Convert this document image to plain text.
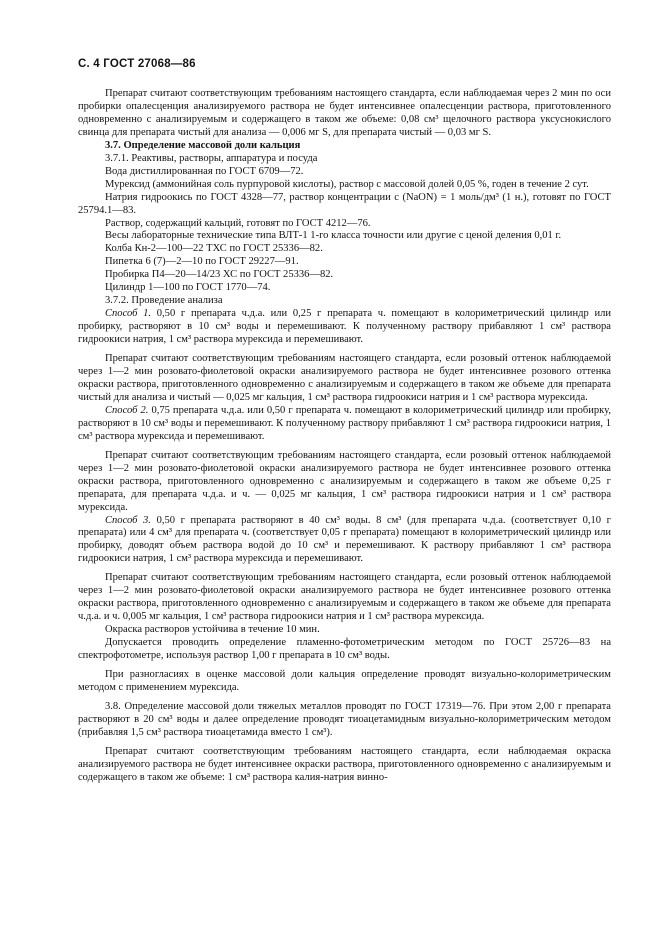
С. 4 ГОСТ 27068—86

Препарат считают соответствующим требованиям настоящего стандарта, если наблюдаемая через 2 мин по оси пробирки опалесценция анализируемого раствора не будет интенсивнее опалесценции раствора, приготовленного одновременно с анализируемым и содержащего в таком же объеме: 0,08 см³ щелочного раствора уксуснокислого свинца для препарата чистый для анализа — 0,006 мг S, для препарата чистый — 0,03 мг S.

3.7. Определение массовой доли кальция

3.7.1. Реактивы, растворы, аппаратура и посуда

Вода дистиллированная по ГОСТ 6709—72.

Мурексид (аммонийная соль пурпуровой кислоты), раствор с массовой долей 0,05 %, годен в течение 2 сут.

Натрия гидроокись по ГОСТ 4328—77, раствор концентрации c (NaON) = 1 моль/дм³ (1 н.), готовят по ГОСТ 25794.1—83.

Раствор, содержащий кальций, готовят по ГОСТ 4212—76.

Весы лабораторные технические типа ВЛТ-1 1-го класса точности или другие с ценой деления 0,01 г.

Колба Кн-2—100—22 ТХС по ГОСТ 25336—82.

Пипетка 6 (7)—2—10 по ГОСТ 29227—91.

Пробирка П4—20—14/23 ХС по ГОСТ 25336—82.

Цилиндр 1—100 по ГОСТ 1770—74.

3.7.2. Проведение анализа

Способ 1. 0,50 г препарата ч.д.а. или 0,25 г препарата ч. помещают в колориметрический цилиндр или пробирку, растворяют в 10 см³ воды и перемешивают. К полученному раствору прибавляют 1 см³ раствора гидроокиси натрия, 1 см³ раствора мурексида и перемешивают.

Препарат считают соответствующим требованиям настоящего стандарта, если розовый оттенок наблюдаемой через 1—2 мин розовато-фиолетовой окраски анализируемого раствора не будет интенсивнее розового оттенка окраски раствора, приготовленного одновременно с анализируемым и содержащего в таком же объеме для препарата чистый для анализа и чистый — 0,025 мг кальция, 1 см³ раствора гидроокиси натрия и 1 см³ раствора мурексида.

Способ 2. 0,75 препарата ч.д.а. или 0,50 г препарата ч. помещают в колориметрический цилиндр или пробирку, растворяют в 10 см³ воды и перемешивают. К полученному раствору прибавляют 1 см³ раствора гидроокиси натрия, 1 см³ раствора мурексида и перемешивают.

Препарат считают соответствующим требованиям настоящего стандарта, если розовый оттенок наблюдаемой через 1—2 мин розовато-фиолетовой окраски анализируемого раствора не будет интенсивнее розового оттенка окраски раствора, приготовленного одновременно с анализируемым и содержащего в таком же объеме 0,25 г препарата, для препарата ч.д.а. и ч. — 0,025 мг кальция, 1 см³ раствора гидроокиси натрия и 1 см³ раствора мурексида.

Способ 3. 0,50 г препарата растворяют в 40 см³ воды. 8 см³ (для препарата ч.д.а. (соответствует 0,10 г препарата) или 4 см³ для препарата ч. (соответствует 0,05 г препарата) помещают в колориметрический цилиндр или пробирку, доводят объем раствора водой до 10 см³ и перемешивают. К раствору прибавляют 1 см³ раствора гидроокиси натрия, 1 см³ раствора мурексида и перемешивают.

Препарат считают соответствующим требованиям настоящего стандарта, если розовый оттенок наблюдаемой через 1—2 мин розовато-фиолетовой окраски анализируемого раствора не будет интенсивнее розового оттенка окраски раствора, приготовленного одновременно с анализируемым и содержащего в таком же объеме для препарата ч.д.а. и ч. 0,005 мг кальция, 1 см³ раствора гидроокиси натрия и 1 см³ раствора мурексида.

Окраска растворов устойчива в течение 10 мин.

Допускается проводить определение пламенно-фотометрическим методом по ГОСТ 25726—83 на спектрофотометре, используя раствор 1,00 г препарата в 10 см³ воды.

При разногласиях в оценке массовой доли кальция определение проводят визуально-колориметрическим методом с применением мурексида.

3.8. Определение массовой доли тяжелых металлов проводят по ГОСТ 17319—76. При этом 2,00 г препарата растворяют в 20 см³ воды и далее определение проводят тиоацетамидным визуально-колориметрическим методом (прибавляя 1,5 см³ раствора тиоацетамида вместо 1 см³).

Препарат считают соответствующим требованиям настоящего стандарта, если наблюдаемая окраска анализируемого раствора не будет интенсивнее окраски раствора, приготовленного одновременно с анализируемым и содержащего в таком же объеме: 1 см³ раствора калия-натрия винно-
